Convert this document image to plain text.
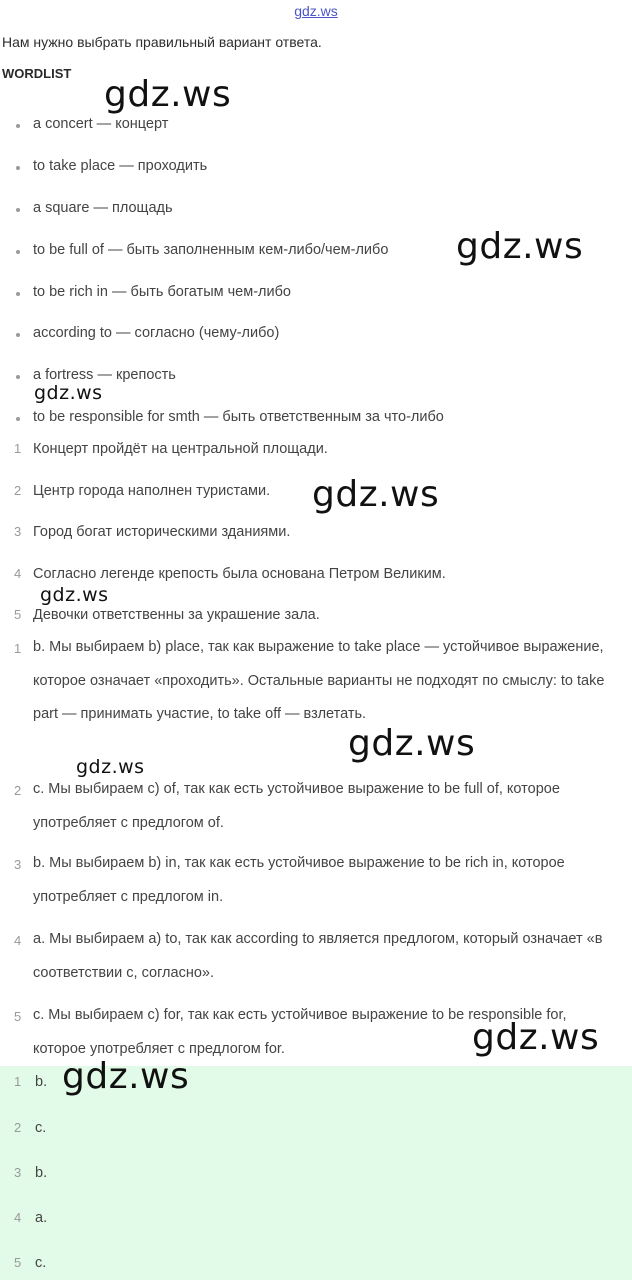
gdz.ws
Нам нужно выбрать правильный вариант ответа.
WORDLIST
a concert — концерт
to take place — проходить
a square — площадь
to be full of — быть заполненным кем-либо/чем-либо
to be rich in — быть богатым чем-либо
according to — согласно (чему-либо)
a fortress — крепость
to be responsible for smth — быть ответственным за что-либо
1 Концерт пройдёт на центральной площади.
2 Центр города наполнен туристами.
3 Город богат историческими зданиями.
4 Согласно легенде крепость была основана Петром Великим.
5 Девочки ответственны за украшение зала.
1 b. Мы выбираем b) place, так как выражение to take place — устойчивое выражение, которое означает «проходить». Остальные варианты не подходят по смыслу: to take part — принимать участие, to take off — взлетать.
2 c. Мы выбираем c) of, так как есть устойчивое выражение to be full of, которое употребляет с предлогом of.
3 b. Мы выбираем b) in, так как есть устойчивое выражение to be rich in, которое употребляет с предлогом in.
4 a. Мы выбираем a) to, так как according to является предлогом, который означает «в соответствии с, согласно».
5 c. Мы выбираем c) for, так как есть устойчивое выражение to be responsible for, которое употребляет с предлогом for.
1 b.
2 c.
3 b.
4 a.
5 c.
gdz.ws
gdz.ws
gdz.ws
gdz.ws
gdz.ws
gdz.ws
gdz.ws
gdz.ws
gdz.ws
